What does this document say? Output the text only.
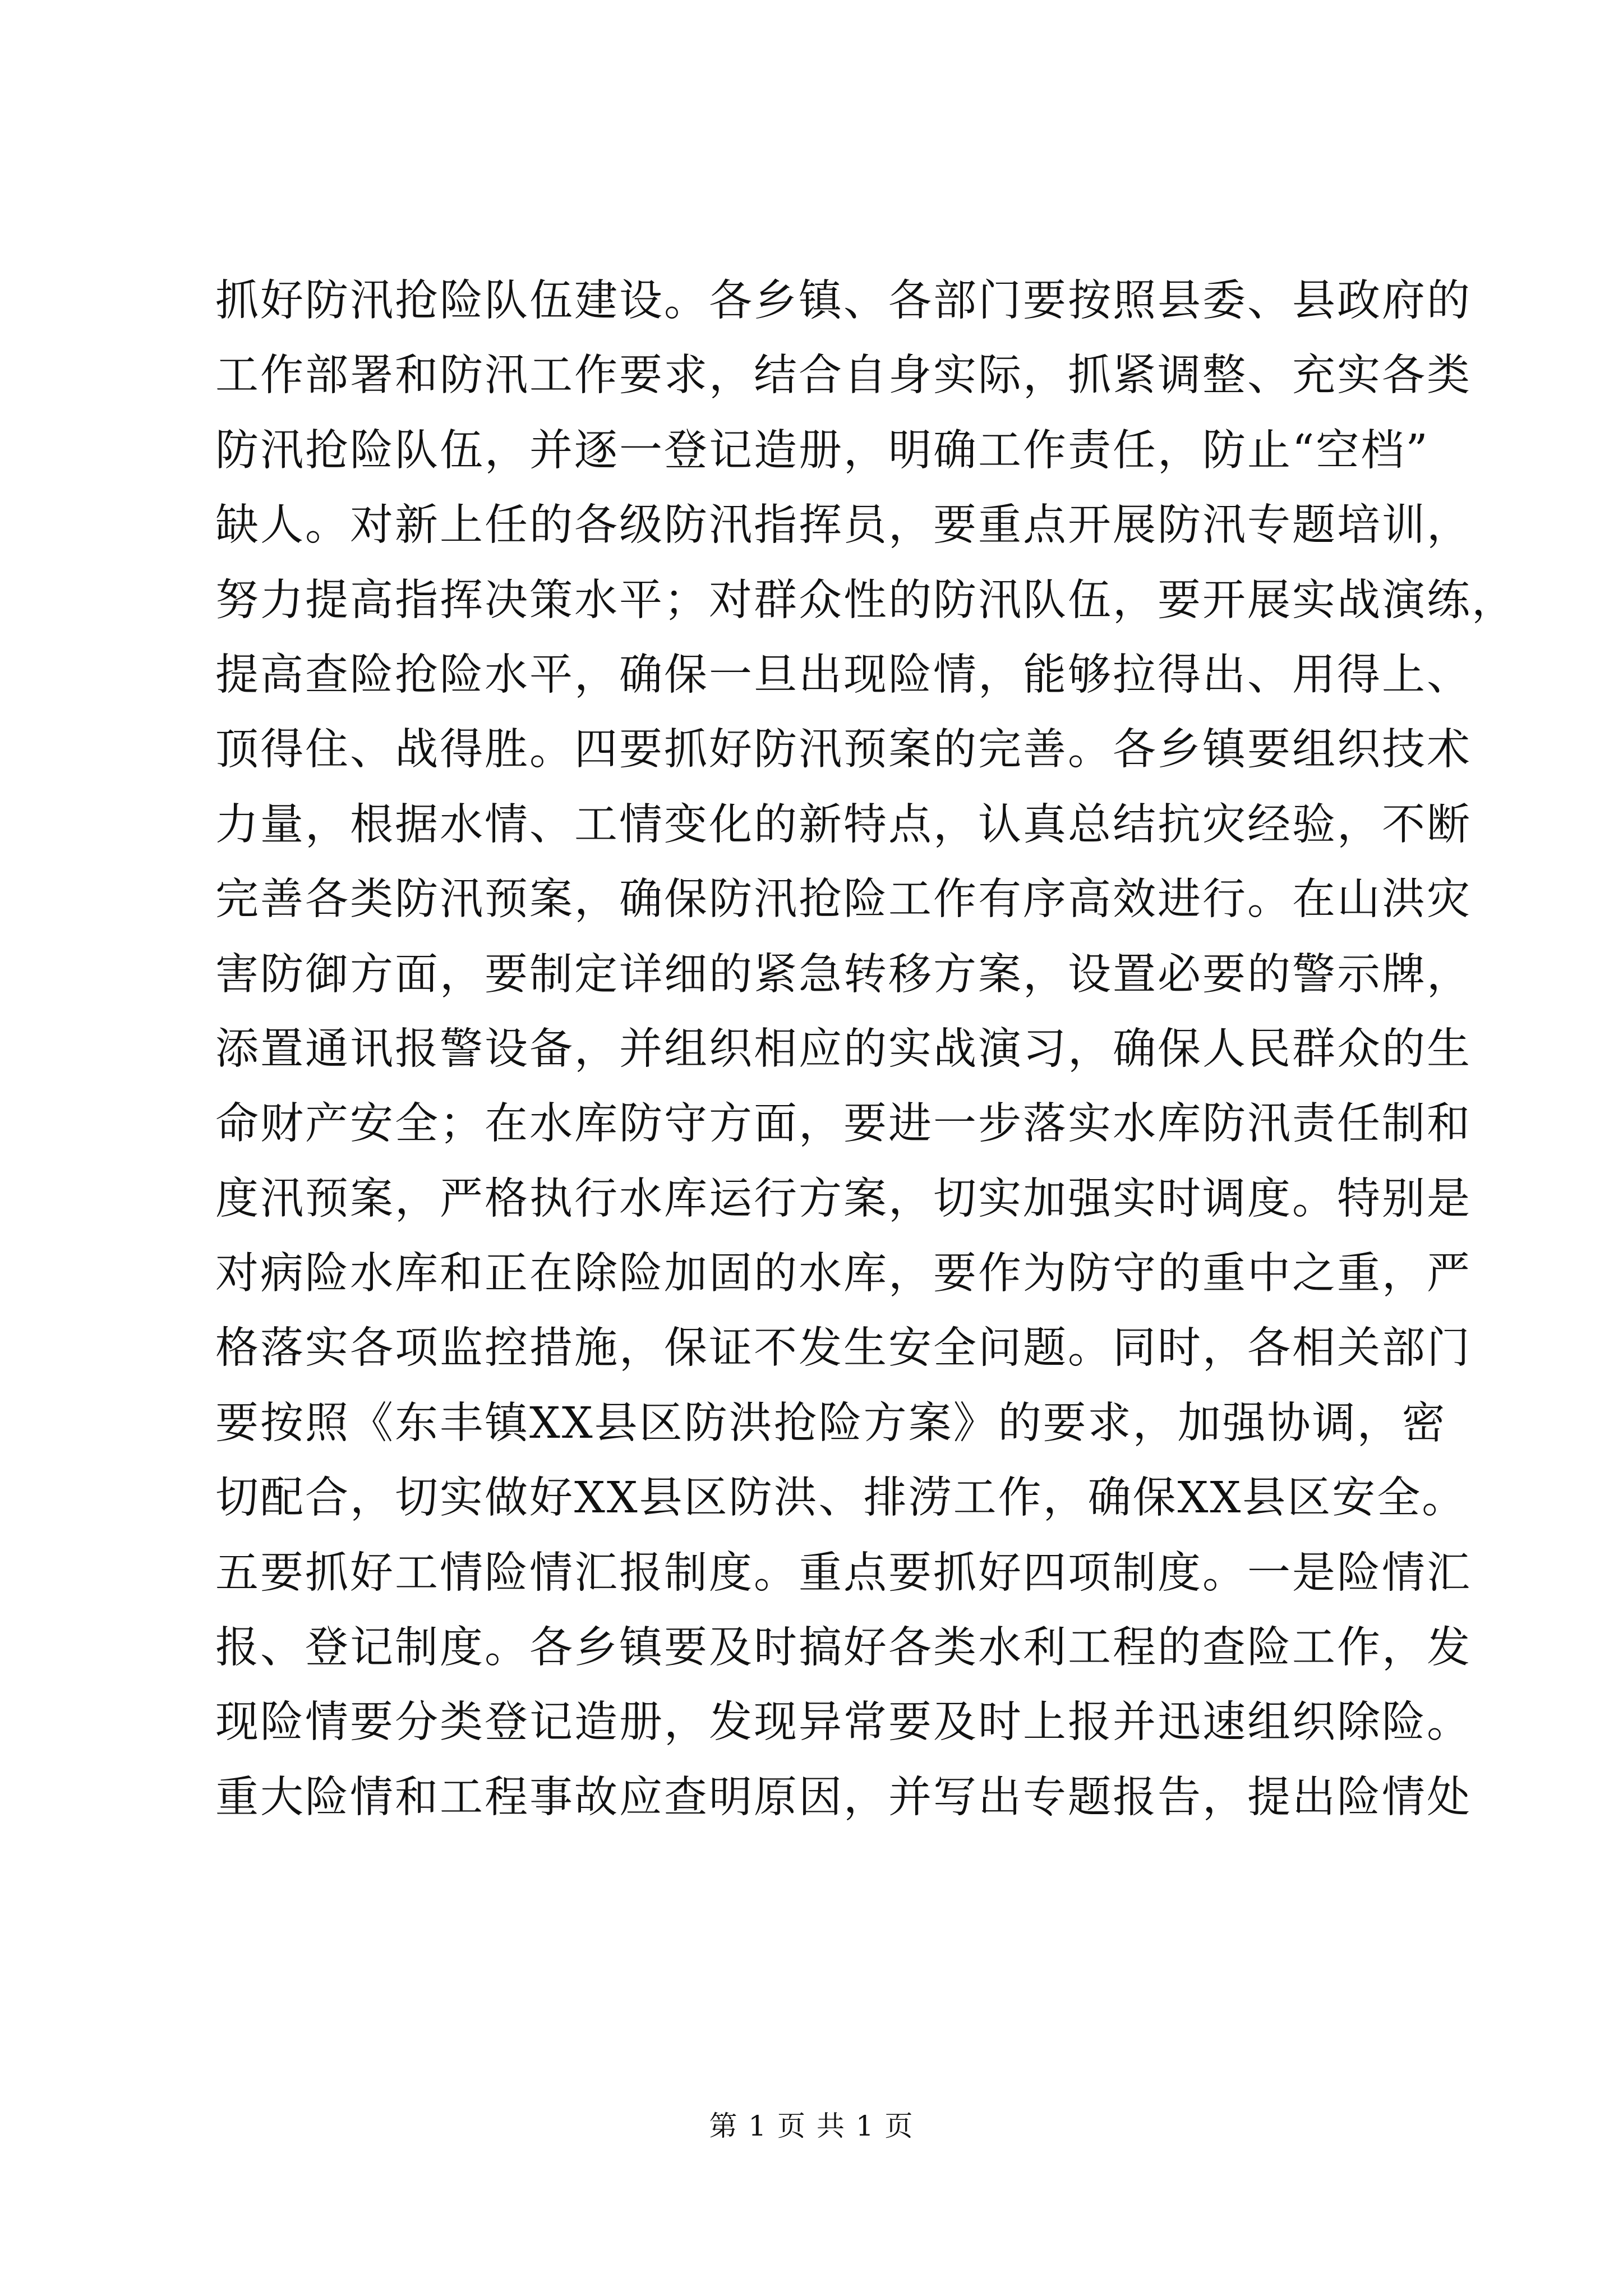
抓好防汛抢险队伍建设。各乡镇、各部门要按照县委、县政府的
工作部署和防汛工作要求，结合自身实际，抓紧调整、充实各类
防汛抢险队伍，并逐一登记造册，明确工作责任，防止“空档”
缺人。对新上任的各级防汛指挥员，要重点开展防汛专题培训，
努力提高指挥决策水平；对群众性的防汛队伍，要开展实战演练，
提高查险抢险水平，确保一旦出现险情，能够拉得出、用得上、
顶得住、战得胜。四要抓好防汛预案的完善。各乡镇要组织技术
力量，根据水情、工情变化的新特点，认真总结抗灾经验，不断
完善各类防汛预案，确保防汛抢险工作有序高效进行。在山洪灾
害防御方面，要制定详细的紧急转移方案，设置必要的警示牌，
添置通讯报警设备，并组织相应的实战演习，确保人民群众的生
命财产安全；在水库防守方面，要进一步落实水库防汛责任制和
度汛预案，严格执行水库运行方案，切实加强实时调度。特别是
对病险水库和正在除险加固的水库，要作为防守的重中之重，严
格落实各项监控措施，保证不发生安全问题。同时，各相关部门
要按照《东丰镇XX县区防洪抢险方案》的要求，加强协调，密
切配合，切实做好XX县区防洪、排涝工作，确保XX县区安全。
五要抓好工情险情汇报制度。重点要抓好四项制度。一是险情汇
报、登记制度。各乡镇要及时搞好各类水利工程的查险工作，发
现险情要分类登记造册，发现异常要及时上报并迅速组织除险。
重大险情和工程事故应查明原因，并写出专题报告，提出险情处
第 1 页 共 1 页
